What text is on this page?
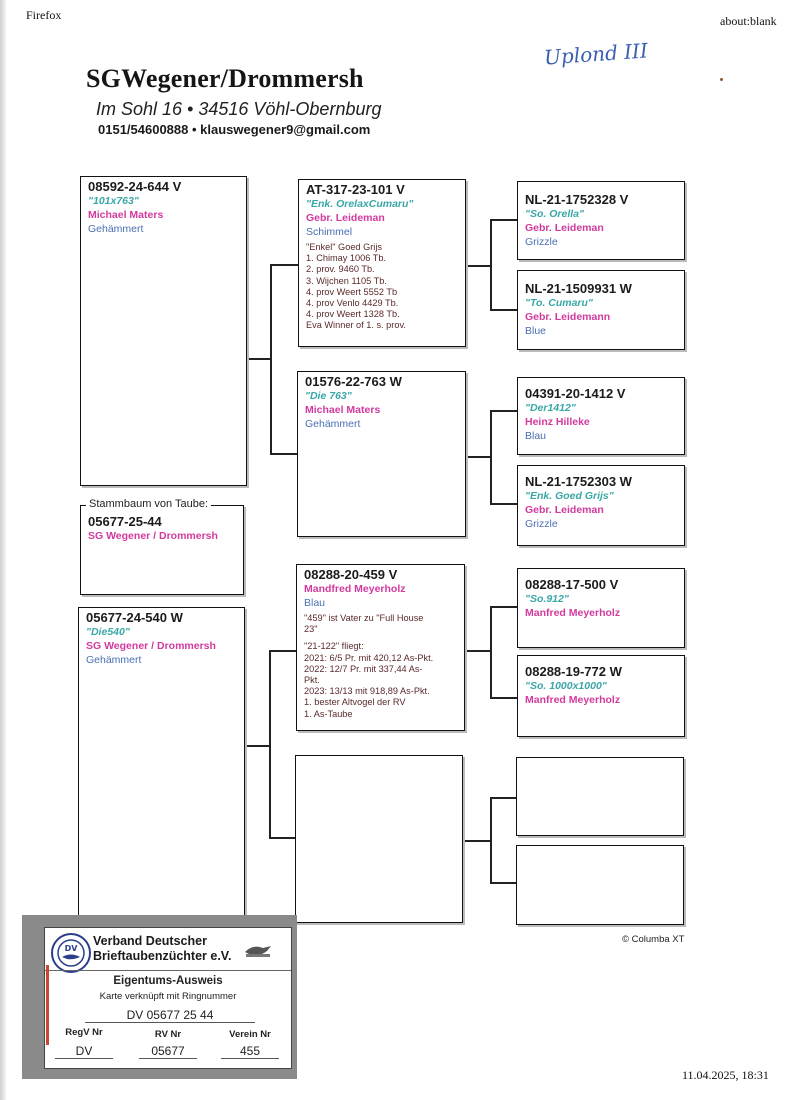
Firefox	about:blank
11.04.2025, 18:31
Uplond III
SGWegener/Drommersh
Im Sohl 16 • 34516 Vöhl-Obernburg
0151/54600888 • klauswegener9@gmail.com
08592-24-644 V
"101x763"
Michael Maters
Gehämmert
05677-25-44
SG Wegener / Drommersh
Stammbaum von Taube:
05677-24-540 W
"Die540"
SG Wegener / Drommersh
Gehämmert
AT-317-23-101 V
"Enk. OrelaxCumaru"
Gebr. Leideman
Schimmel
"Enkel" Goed Grijs
1. Chimay 1006 Tb.
2. prov. 9460 Tb.
3. Wijchen 1105 Tb.
4. prov Weert 5552 Tb
4. prov Venlo 4429 Tb.
4. prov Weert 1328 Tb.
Eva Winner of 1. s. prov.
01576-22-763 W
"Die 763"
Michael Maters
Gehämmert
08288-20-459 V
Mandfred Meyerholz
Blau
"459" ist Vater zu "Full House
23"
"21-122" fliegt:
2021: 6/5 Pr. mit 420,12 As-Pkt.
2022: 12/7 Pr. mit 337,44 As-
Pkt.
2023: 13/13 mit 918,89 As-Pkt.
1. bester Altvogel der RV
1. As-Taube
NL-21-1752328 V
"So. Orella"
Gebr. Leideman
Grizzle
NL-21-1509931 W
"To. Cumaru"
Gebr. Leidemann
Blue
04391-20-1412 V
"Der1412"
Heinz Hilleke
Blau
NL-21-1752303 W
"Enk. Goed Grijs"
Gebr. Leideman
Grizzle
08288-17-500 V
"So.912"
Manfred Meyerholz
08288-19-772 W
"So. 1000x1000"
Manfred Meyerholz
© Columba XT
DV
Verband Deutscher
Brieftaubenzüchter e.V.
Eigentums-Ausweis
Karte verknüpft mit Ringnummer
DV 05677 25 44
RegV Nr	RV Nr	Verein Nr
DV	05677	455
